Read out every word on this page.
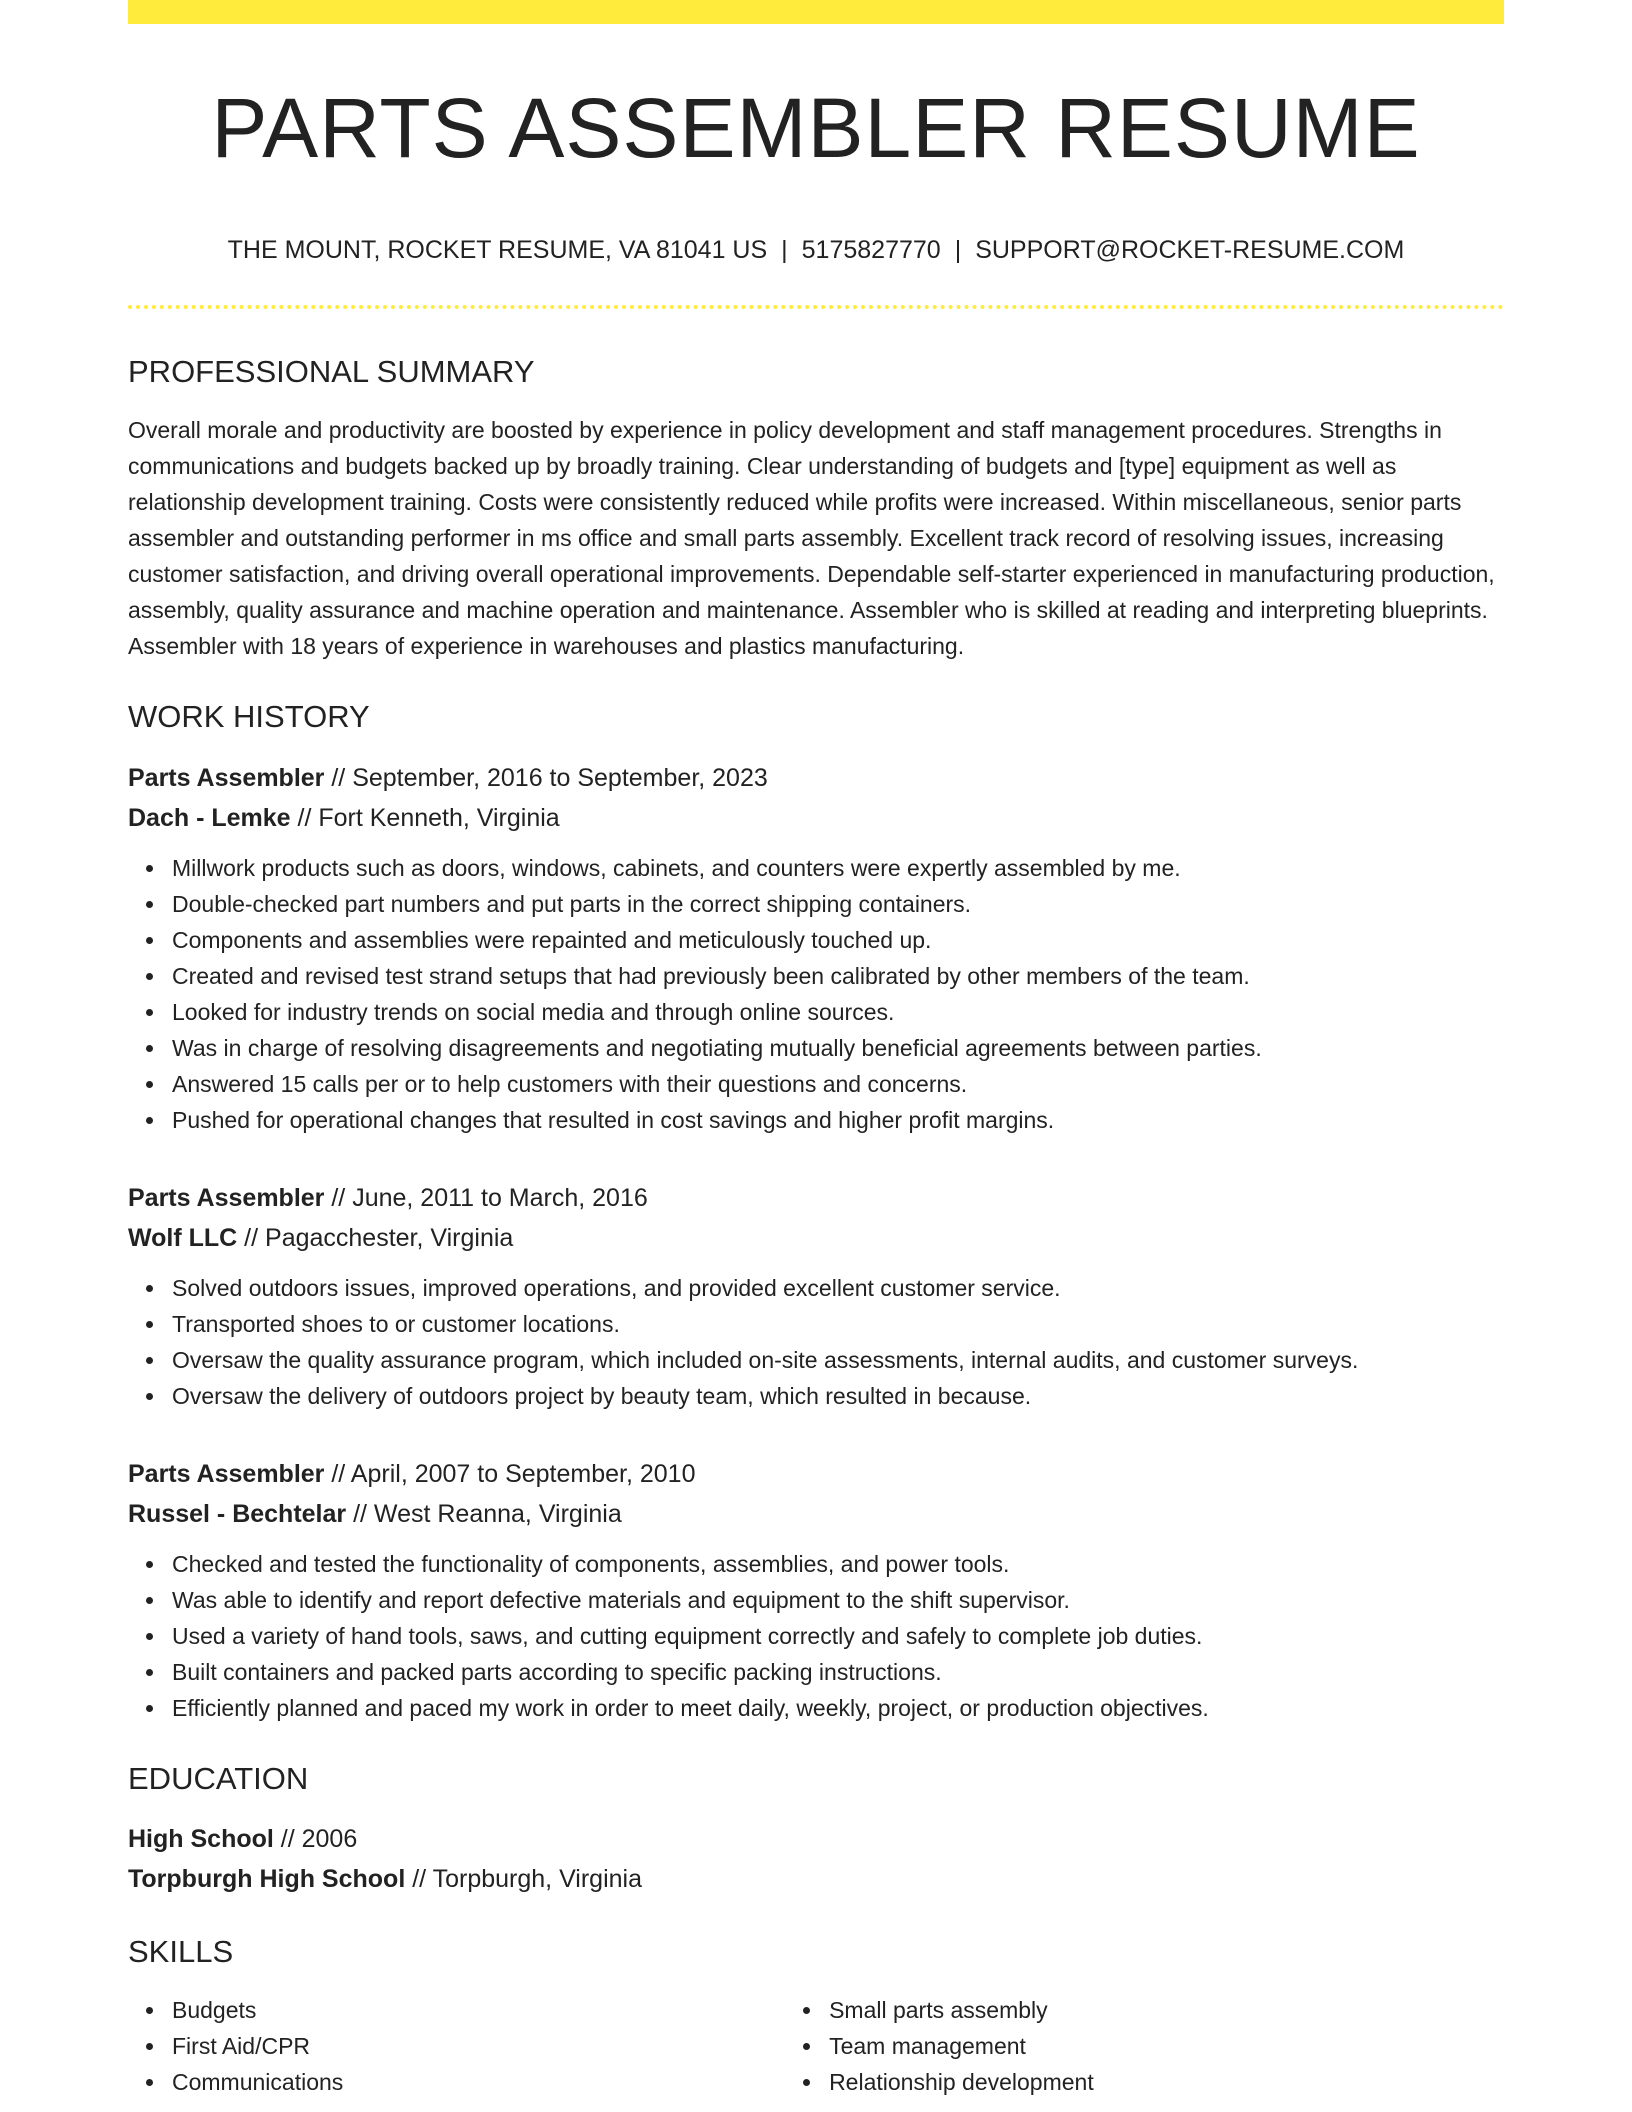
PARTS ASSEMBLER RESUME
THE MOUNT, ROCKET RESUME, VA 81041 US | 5175827770 | SUPPORT@ROCKET-RESUME.COM
PROFESSIONAL SUMMARY
Overall morale and productivity are boosted by experience in policy development and staff management procedures. Strengths in communications and budgets backed up by broadly training. Clear understanding of budgets and [type] equipment as well as relationship development training. Costs were consistently reduced while profits were increased. Within miscellaneous, senior parts assembler and outstanding performer in ms office and small parts assembly. Excellent track record of resolving issues, increasing customer satisfaction, and driving overall operational improvements. Dependable self-starter experienced in manufacturing production, assembly, quality assurance and machine operation and maintenance. Assembler who is skilled at reading and interpreting blueprints. Assembler with 18 years of experience in warehouses and plastics manufacturing.
WORK HISTORY
Parts Assembler // September, 2016 to September, 2023
Dach - Lemke // Fort Kenneth, Virginia
Millwork products such as doors, windows, cabinets, and counters were expertly assembled by me.
Double-checked part numbers and put parts in the correct shipping containers.
Components and assemblies were repainted and meticulously touched up.
Created and revised test strand setups that had previously been calibrated by other members of the team.
Looked for industry trends on social media and through online sources.
Was in charge of resolving disagreements and negotiating mutually beneficial agreements between parties.
Answered 15 calls per or to help customers with their questions and concerns.
Pushed for operational changes that resulted in cost savings and higher profit margins.
Parts Assembler // June, 2011 to March, 2016
Wolf LLC // Pagacchester, Virginia
Solved outdoors issues, improved operations, and provided excellent customer service.
Transported shoes to or customer locations.
Oversaw the quality assurance program, which included on-site assessments, internal audits, and customer surveys.
Oversaw the delivery of outdoors project by beauty team, which resulted in because.
Parts Assembler // April, 2007 to September, 2010
Russel - Bechtelar // West Reanna, Virginia
Checked and tested the functionality of components, assemblies, and power tools.
Was able to identify and report defective materials and equipment to the shift supervisor.
Used a variety of hand tools, saws, and cutting equipment correctly and safely to complete job duties.
Built containers and packed parts according to specific packing instructions.
Efficiently planned and paced my work in order to meet daily, weekly, project, or production objectives.
EDUCATION
High School // 2006
Torpburgh High School // Torpburgh, Virginia
SKILLS
Budgets
First Aid/CPR
Communications
Small parts assembly
Team management
Relationship development
